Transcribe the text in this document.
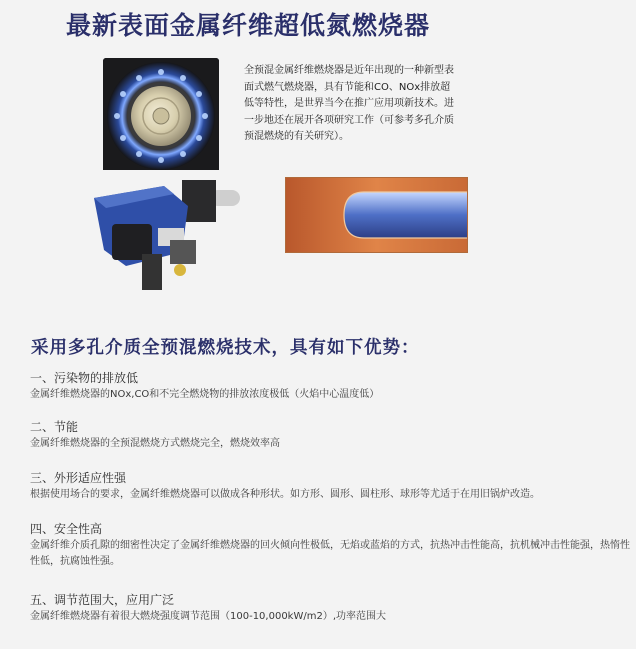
最新表面金属纤维超低氮燃烧器
全预混金属纤维燃烧器是近年出现的一种新型表面式燃气燃烧器，具有节能和CO、NOx排放超低等特性，是世界当今在推广应用项新技术。进一步地还在展开各项研究工作（可参考多孔介质预混燃烧的有关研究）。
采用多孔介质全预混燃烧技术，具有如下优势：
一、污染物的排放低
金属纤维燃烧器的NOx,CO和不完全燃烧物的排放浓度极低（火焰中心温度低）
二、节能
金属纤维燃烧器的全预混燃烧方式燃烧完全，燃烧效率高
三、外形适应性强
根据使用场合的要求，金属纤维燃烧器可以做成各种形状。如方形、圆形、圆柱形、球形等尤适于在用旧锅炉改造。
四、安全性高
金属纤维介质孔隙的细密性决定了金属纤维燃烧器的回火倾向性极低，无焰或蓝焰的方式，抗热冲击性能高，抗机械冲击性能强，热惰性性低，抗腐蚀性强。
五、调节范围大，应用广泛
金属纤维燃烧器有着很大燃烧强度调节范围（100-10,000kW/m2）,功率范围大
